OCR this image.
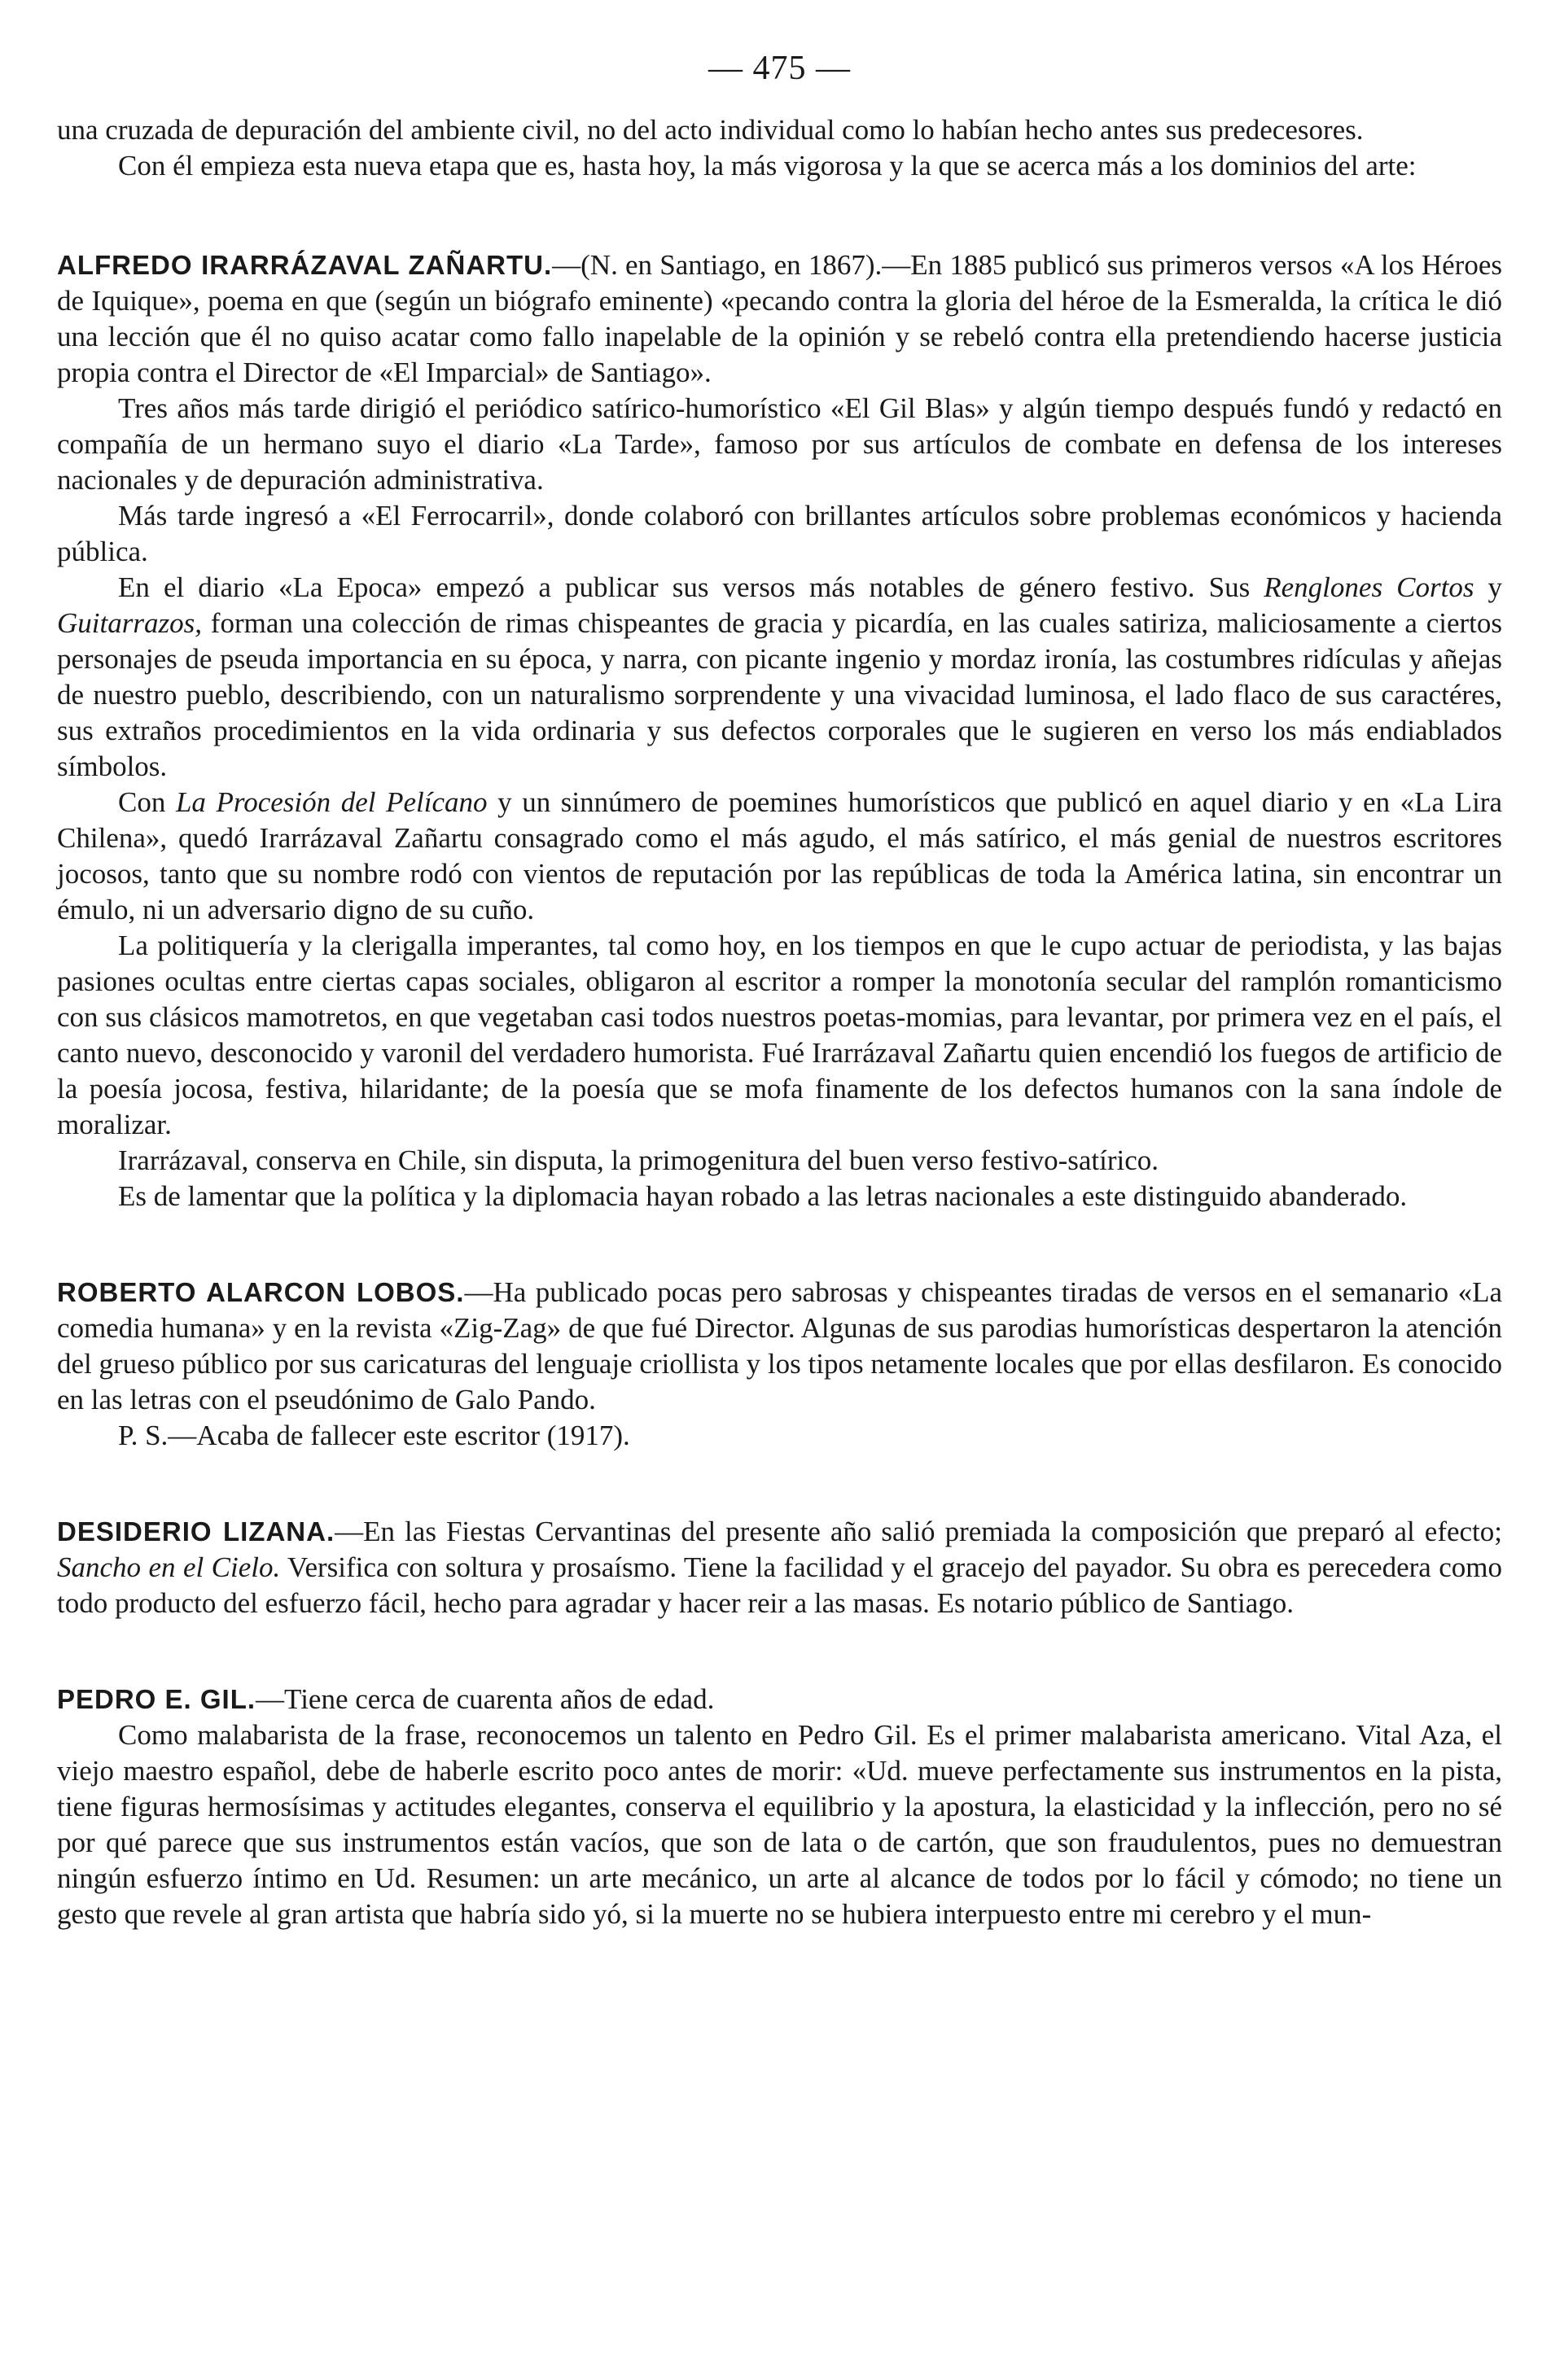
— 475 —

una cruzada de depuración del ambiente civil, no del acto individual como lo habían hecho antes sus predecesores.

Con él empieza esta nueva etapa que es, hasta hoy, la más vigorosa y la que se acerca más a los dominios del arte:

ALFREDO IRARRÁZAVAL ZAÑARTU.—(N. en Santiago, en 1867).—En 1885 publicó sus primeros versos «A los Héroes de Iquique», poema en que (según un biógrafo eminente) «pecando contra la gloria del héroe de la Esmeralda, la crítica le dió una lección que él no quiso acatar como fallo inapelable de la opinión y se rebeló contra ella pretendiendo hacerse justicia propia contra el Director de «El Imparcial» de Santiago».

Tres años más tarde dirigió el periódico satírico-humorístico «El Gil Blas» y algún tiempo después fundó y redactó en compañía de un hermano suyo el diario «La Tarde», famoso por sus artículos de combate en defensa de los intereses nacionales y de depuración administrativa.

Más tarde ingresó a «El Ferrocarril», donde colaboró con brillantes artículos sobre problemas económicos y hacienda pública.

En el diario «La Epoca» empezó a publicar sus versos más notables de género festivo. Sus Renglones Cortos y Guitarrazos, forman una colección de rimas chispeantes de gracia y picardía, en las cuales satiriza, maliciosamente a ciertos personajes de pseuda importancia en su época, y narra, con picante ingenio y mordaz ironía, las costumbres ridículas y añejas de nuestro pueblo, describiendo, con un naturalismo sorprendente y una vivacidad luminosa, el lado flaco de sus caractéres, sus extraños procedimientos en la vida ordinaria y sus defectos corporales que le sugieren en verso los más endiablados símbolos.

Con La Procesión del Pelícano y un sinnúmero de poemines humorísticos que publicó en aquel diario y en «La Lira Chilena», quedó Irarrázaval Zañartu consagrado como el más agudo, el más satírico, el más genial de nuestros escritores jocosos, tanto que su nombre rodó con vientos de reputación por las repúblicas de toda la América latina, sin encontrar un émulo, ni un adversario digno de su cuño.

La politiquería y la clerigalla imperantes, tal como hoy, en los tiempos en que le cupo actuar de periodista, y las bajas pasiones ocultas entre ciertas capas sociales, obligaron al escritor a romper la monotonía secular del ramplón romanticismo con sus clásicos mamotretos, en que vegetaban casi todos nuestros poetas-momias, para levantar, por primera vez en el país, el canto nuevo, desconocido y varonil del verdadero humorista. Fué Irarrázaval Zañartu quien encendió los fuegos de artificio de la poesía jocosa, festiva, hilaridante; de la poesía que se mofa finamente de los defectos humanos con la sana índole de moralizar.

Irarrázaval, conserva en Chile, sin disputa, la primogenitura del buen verso festivo-satírico.

Es de lamentar que la política y la diplomacia hayan robado a las letras nacionales a este distinguido abanderado.

ROBERTO ALARCON LOBOS.—Ha publicado pocas pero sabrosas y chispeantes tiradas de versos en el semanario «La comedia humana» y en la revista «Zig-Zag» de que fué Director. Algunas de sus parodias humorísticas despertaron la atención del grueso público por sus caricaturas del lenguaje criollista y los tipos netamente locales que por ellas desfilaron. Es conocido en las letras con el pseudónimo de Galo Pando.

P. S.—Acaba de fallecer este escritor (1917).

DESIDERIO LIZANA.—En las Fiestas Cervantinas del presente año salió premiada la composición que preparó al efecto; Sancho en el Cielo. Versifica con soltura y prosaísmo. Tiene la facilidad y el gracejo del payador. Su obra es perecedera como todo producto del esfuerzo fácil, hecho para agradar y hacer reir a las masas. Es notario público de Santiago.

PEDRO E. GIL.—Tiene cerca de cuarenta años de edad.

Como malabarista de la frase, reconocemos un talento en Pedro Gil. Es el primer malabarista americano. Vital Aza, el viejo maestro español, debe de haberle escrito poco antes de morir: «Ud. mueve perfectamente sus instrumentos en la pista, tiene figuras hermosísimas y actitudes elegantes, conserva el equilibrio y la apostura, la elasticidad y la inflección, pero no sé por qué parece que sus instrumentos están vacíos, que son de lata o de cartón, que son fraudulentos, pues no demuestran ningún esfuerzo íntimo en Ud. Resumen: un arte mecánico, un arte al alcance de todos por lo fácil y cómodo; no tiene un gesto que revele al gran artista que habría sido yó, si la muerte no se hubiera interpuesto entre mi cerebro y el mun-
